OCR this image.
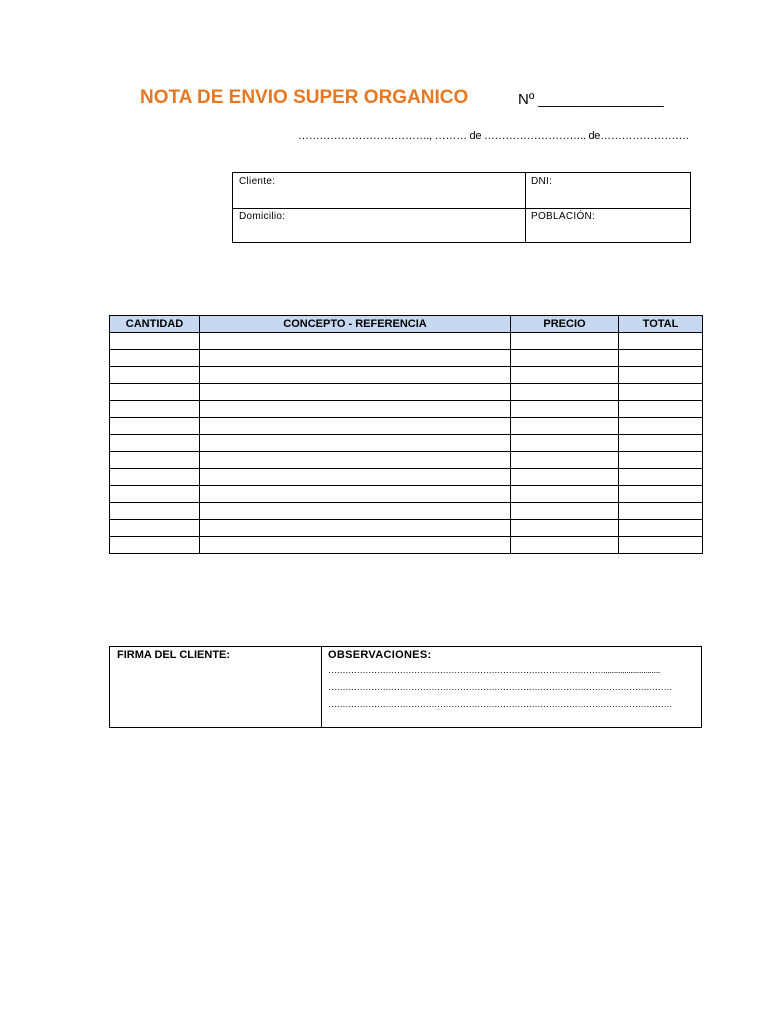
NOTA DE ENVIO SUPER ORGANICO	Nº _______________
………………………………., ……… de ……………………….. de…………………….
Cliente:	DNI:
Domicilio:	POBLACIÓN:
CANTIDAD	CONCEPTO - REFERENCIA	PRECIO	TOTAL

FIRMA DEL CLIENTE:	OBSERVACIONES:
……………………………………………………………………………………...........................
…………………………………………………………………………………………………………
…………………………………………………………………………………………………………
